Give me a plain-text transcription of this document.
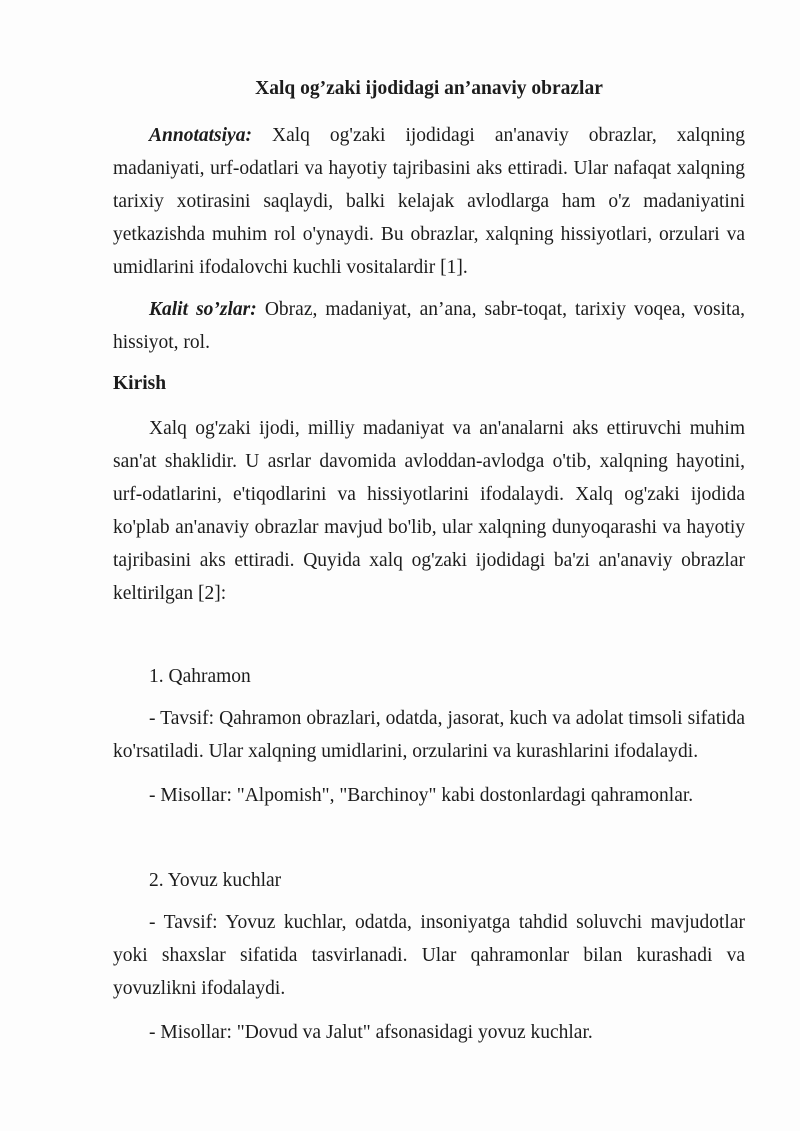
Xalq og’zaki ijodidagi an’anaviy obrazlar

Annotatsiya: Xalq og'zaki ijodidagi an'anaviy obrazlar, xalqning madaniyati, urf-odatlari va hayotiy tajribasini aks ettiradi. Ular nafaqat xalqning tarixiy xotirasini saqlaydi, balki kelajak avlodlarga ham o'z madaniyatini yetkazishda muhim rol o'ynaydi. Bu obrazlar, xalqning hissiyotlari, orzulari va umidlarini ifodalovchi kuchli vositalardir [1].

Kalit so’zlar: Obraz, madaniyat, an’ana, sabr-toqat, tarixiy voqea, vosita, hissiyot, rol.

Kirish

Xalq og'zaki ijodi, milliy madaniyat va an'analarni aks ettiruvchi muhim san'at shaklidir. U asrlar davomida avloddan-avlodga o'tib, xalqning hayotini, urf-odatlarini, e'tiqodlarini va hissiyotlarini ifodalaydi. Xalq og'zaki ijodida ko'plab an'anaviy obrazlar mavjud bo'lib, ular xalqning dunyoqarashi va hayotiy tajribasini aks ettiradi. Quyida xalq og'zaki ijodidagi ba'zi an'anaviy obrazlar keltirilgan [2]:

1. Qahramon

- Tavsif: Qahramon obrazlari, odatda, jasorat, kuch va adolat timsoli sifatida ko'rsatiladi. Ular xalqning umidlarini, orzularini va kurashlarini ifodalaydi.

- Misollar: "Alpomish", "Barchinoy" kabi dostonlardagi qahramonlar.

2. Yovuz kuchlar

- Tavsif: Yovuz kuchlar, odatda, insoniyatga tahdid soluvchi mavjudotlar yoki shaxslar sifatida tasvirlanadi. Ular qahramonlar bilan kurashadi va yovuzlikni ifodalaydi.

- Misollar: "Dovud va Jalut" afsonasidagi yovuz kuchlar.
